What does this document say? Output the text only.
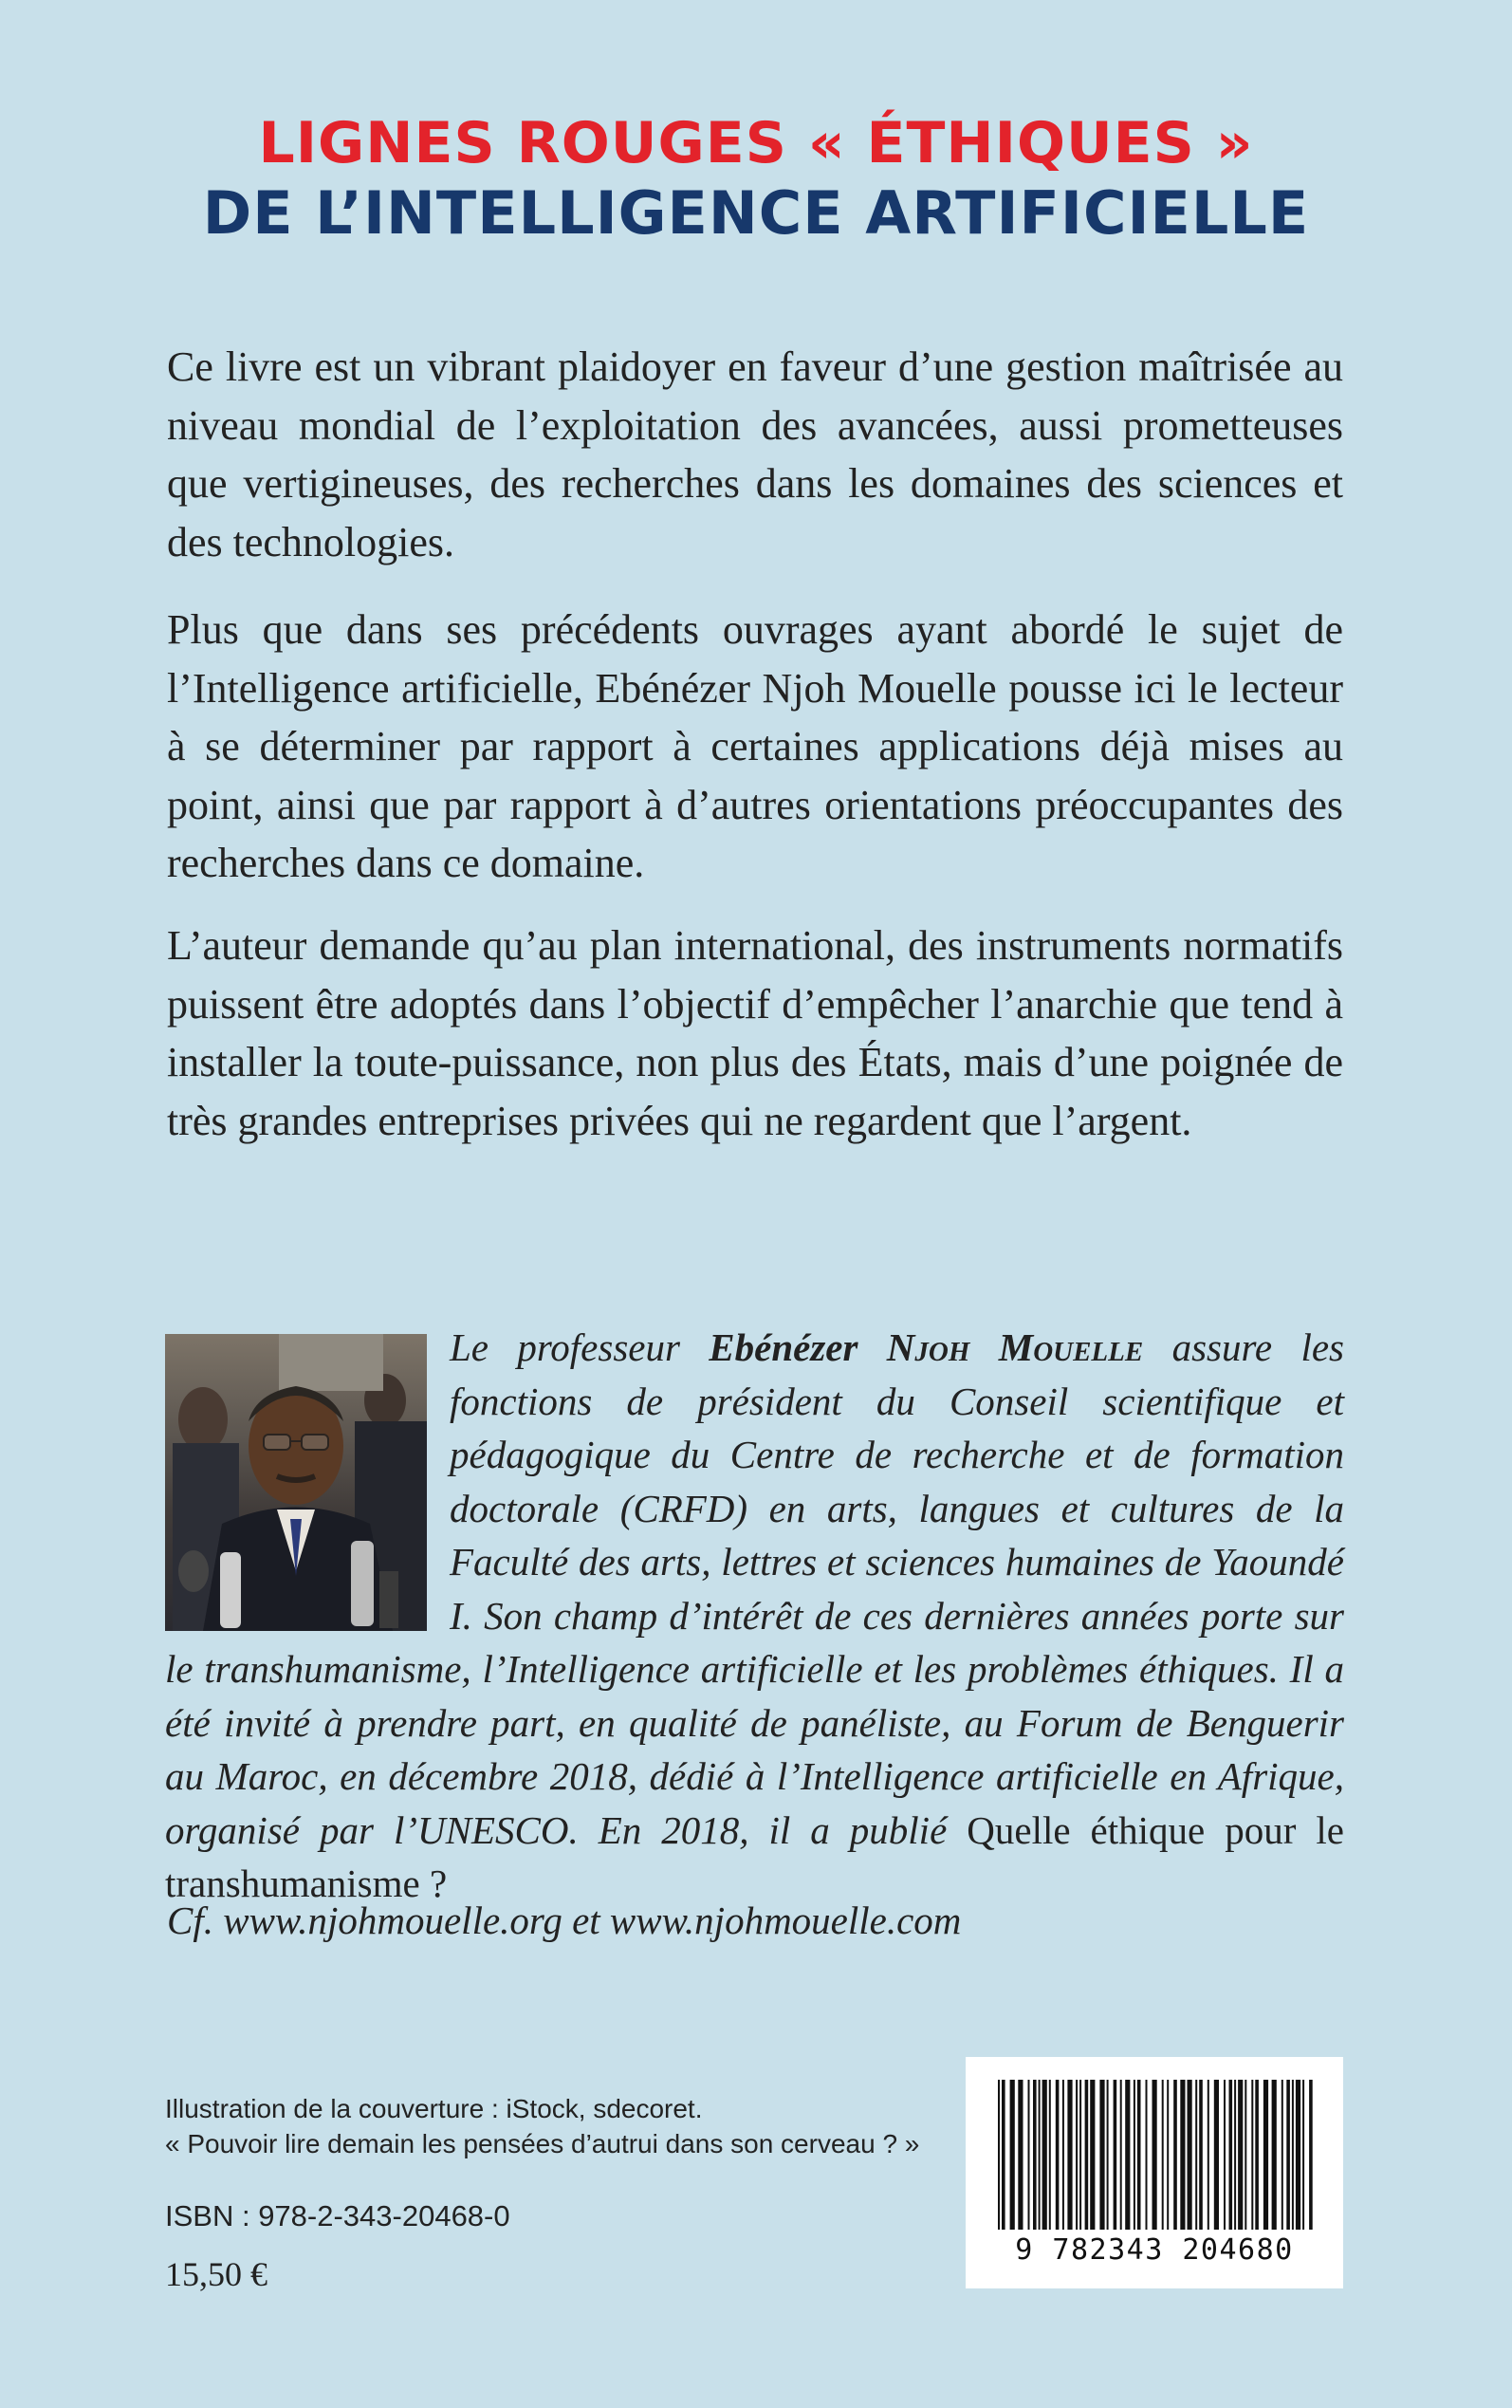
LIGNES ROUGES « ÉTHIQUES »
DE L’INTELLIGENCE ARTIFICIELLE

Ce livre est un vibrant plaidoyer en faveur d’une gestion maîtrisée au niveau mondial de l’exploitation des avancées, aussi prometteuses que vertigineuses, des recherches dans les domaines des sciences et des technologies.

Plus que dans ses précédents ouvrages ayant abordé le sujet de l’Intelligence artificielle, Ebénézer Njoh Mouelle pousse ici le lecteur à se déterminer par rapport à certaines applications déjà mises au point, ainsi que par rapport à d’autres orientations préoccupantes des recherches dans ce domaine.

L’auteur demande qu’au plan international, des instruments normatifs puissent être adoptés dans l’objectif d’empêcher l’anarchie que tend à installer la toute-puissance, non plus des États, mais d’une poignée de très grandes entreprises privées qui ne regardent que l’argent.

Le professeur Ebénézer Njoh Mouelle assure les fonctions de président du Conseil scientifique et pédagogique du Centre de recherche et de formation doctorale (CRFD) en arts, langues et cultures de la Faculté des arts, lettres et sciences humaines de Yaoundé I. Son champ d’intérêt de ces dernières années porte sur le transhumanisme, l’Intelligence artificielle et les problèmes éthiques. Il a été invité à prendre part, en qualité de panéliste, au Forum de Benguerir au Maroc, en décembre 2018, dédié à l’Intelligence artificielle en Afrique, organisé par l’UNESCO. En 2018, il a publié Quelle éthique pour le transhumanisme ?

Cf. www.njohmouelle.org et www.njohmouelle.com

Illustration de la couverture : iStock, sdecoret.
« Pouvoir lire demain les pensées d’autrui dans son cerveau ? »
ISBN : 978-2-343-20468-0
15,50 €
9 782343 204680
